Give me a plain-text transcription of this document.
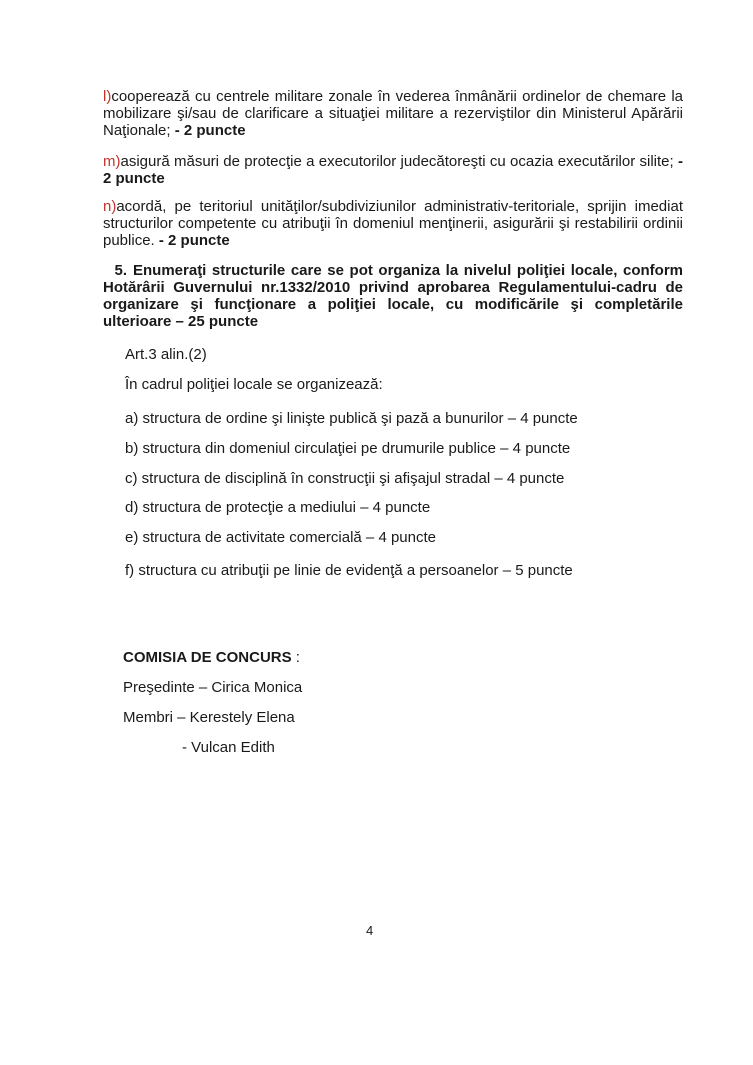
l)cooperează cu centrele militare zonale în vederea înmânării ordinelor de chemare la mobilizare şi/sau de clarificare a situaţiei militare a rezerviştilor din Ministerul Apărării Naţionale; - 2 puncte
m)asigură măsuri de protecţie a executorilor judecătoreşti cu ocazia executărilor silite; - 2 puncte
n)acordă, pe teritoriul unităţilor/subdiviziunilor administrativ-teritoriale, sprijin imediat structurilor competente cu atribuţii în domeniul menţinerii, asigurării şi restabilirii ordinii publice. - 2 puncte
5. Enumeraţi structurile care se pot organiza la nivelul poliţiei locale, conform Hotărârii Guvernului nr.1332/2010 privind aprobarea Regulamentului-cadru de organizare şi funcţionare a poliţiei locale, cu modificările şi completările ulterioare – 25 puncte
Art.3 alin.(2)
În cadrul poliţiei locale se organizează:
a) structura de ordine şi linişte publică şi pază a bunurilor – 4 puncte
b) structura din domeniul circulaţiei pe drumurile publice – 4 puncte
c) structura de disciplină în construcţii şi afişajul stradal – 4 puncte
d) structura de protecţie a mediului – 4 puncte
e) structura de activitate comercială – 4 puncte
f) structura cu atribuţii pe linie de evidenţă a persoanelor – 5 puncte
COMISIA DE CONCURS :
Preşedinte – Cirica Monica
Membri – Kerestely Elena
- Vulcan Edith
4
